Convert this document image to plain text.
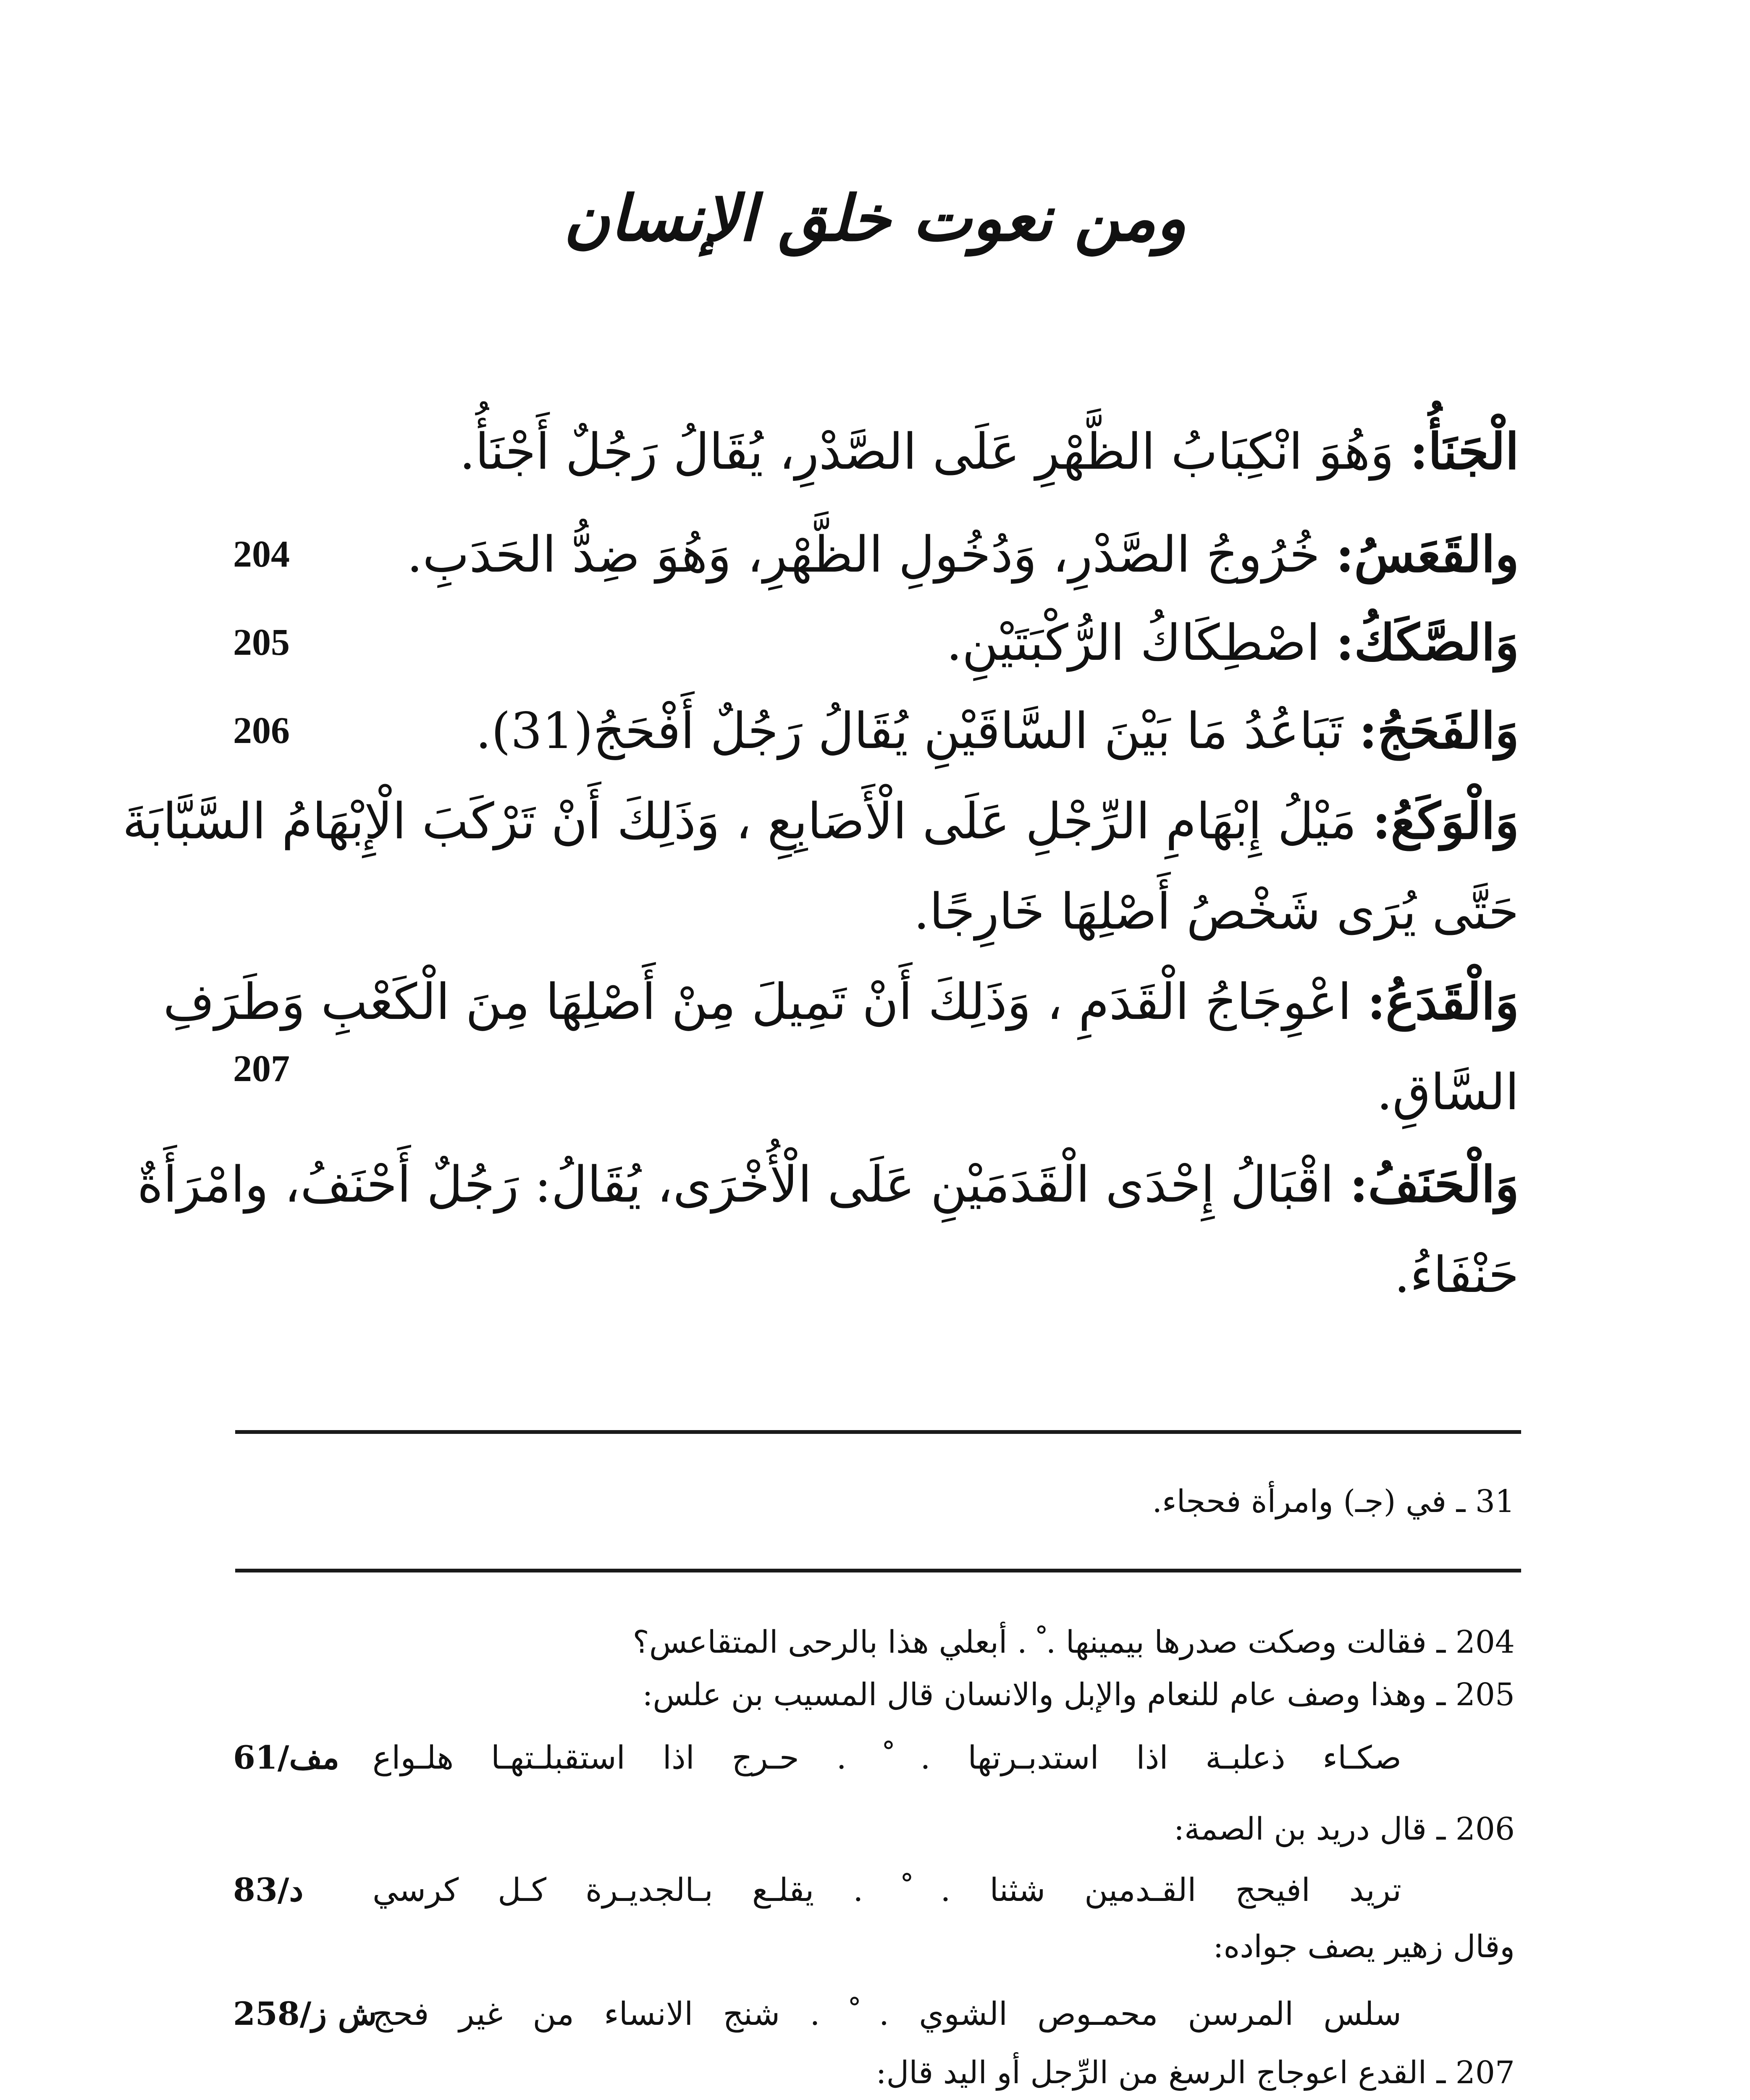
ومن نعوت خلق الإنسان
الْجَنَأُ: وَهُوَ انْكِبَابُ الظَّهْرِ عَلَى الصَّدْرِ، يُقَالُ رَجُلٌ أَجْنَأُ.
والقَعَسُ: خُرُوجُ الصَّدْرِ، وَدُخُولِ الظَّهْرِ، وَهُوَ ضِدُّ الحَدَبِ.
204
وَالصَّكَكُ: اصْطِكَاكُ الرُّكْبَتَيْنِ.
205
وَالفَحَجُ: تَبَاعُدُ مَا بَيْنَ السَّاقَيْنِ يُقَالُ رَجُلٌ أَفْحَجُ(31).
206
وَالْوَكَعُ: مَيْلُ إِبْهَامِ الرِّجْلِ عَلَى الْأَصَابِعِ ، وَذَلِكَ أَنْ تَرْكَبَ الْإِبْهَامُ السَّبَّابَةَ
حَتَّى يُرَى شَخْصُ أَصْلِهَا خَارِجًا.
وَالْقَدَعُ: اعْوِجَاجُ الْقَدَمِ ، وَذَلِكَ أَنْ تَمِيلَ مِنْ أَصْلِهَا مِنَ الْكَعْبِ وَطَرَفِ
السَّاقِ.
207
وَالْحَنَفُ: اقْبَالُ إِحْدَى الْقَدَمَيْنِ عَلَى الْأُخْرَى، يُقَالُ: رَجُلٌ أَحْنَفُ، وامْرَأَةٌ
حَنْفَاءُ.
31 ـ في (جـ) وامرأة فحجاء.
204 ـ فقالت وصكت صدرها بيمينها . ْ . أبعلي هذا بالرحى المتقاعس؟
205 ـ وهذا وصف عام للنعام والإبل والانسان قال المسيب بن علس:
صكـاء ذعلبـة اذا استدبـرتها . ْ . حـرج اذا استقبلـتهـا هلـواع
مف/61
206 ـ قال دريد بن الصمة:
تريد افيحج القـدمين شثنا . ْ . يقلـع بـالجديـرة كـل كرسي
د/83
وقال زهير يصف جواده:
سلس المرسن محمـوص الشوي . ْ . شنج الانساء من غير فحج
ش ز/258
207 ـ القدع اعوجاج الرسغ من الرِّجل أو اليد قال:
